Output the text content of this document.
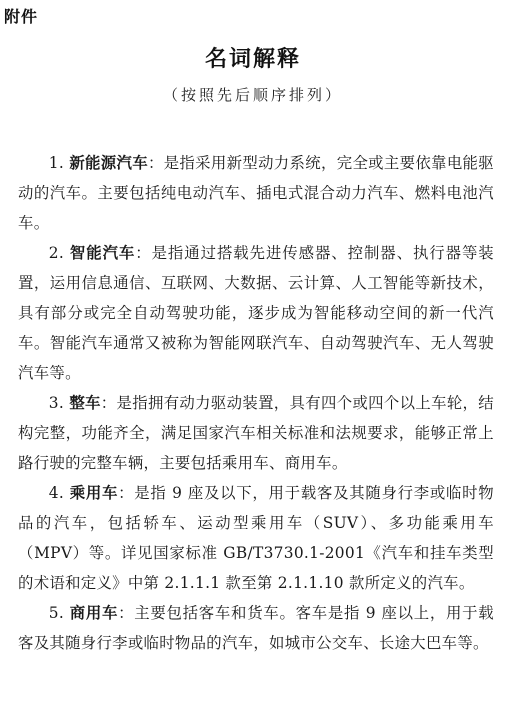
附件
名词解释
（按照先后顺序排列）

1. 新能源汽车：是指采用新型动力系统，完全或主要依靠电能驱动的汽车。主要包括纯电动汽车、插电式混合动力汽车、燃料电池汽车。

2. 智能汽车：是指通过搭载先进传感器、控制器、执行器等装置，运用信息通信、互联网、大数据、云计算、人工智能等新技术，具有部分或完全自动驾驶功能，逐步成为智能移动空间的新一代汽车。智能汽车通常又被称为智能网联汽车、自动驾驶汽车、无人驾驶汽车等。

3. 整车：是指拥有动力驱动装置，具有四个或四个以上车轮，结构完整，功能齐全，满足国家汽车相关标准和法规要求，能够正常上路行驶的完整车辆，主要包括乘用车、商用车。

4. 乘用车：是指 9 座及以下，用于载客及其随身行李或临时物品的汽车，包括轿车、运动型乘用车（SUV）、多功能乘用车（MPV）等。详见国家标准 GB/T3730.1-2001《汽车和挂车类型的术语和定义》中第 2.1.1.1 款至第 2.1.1.10 款所定义的汽车。

5. 商用车：主要包括客车和货车。客车是指 9 座以上，用于载客及其随身行李或临时物品的汽车，如城市公交车、长途大巴车等。
